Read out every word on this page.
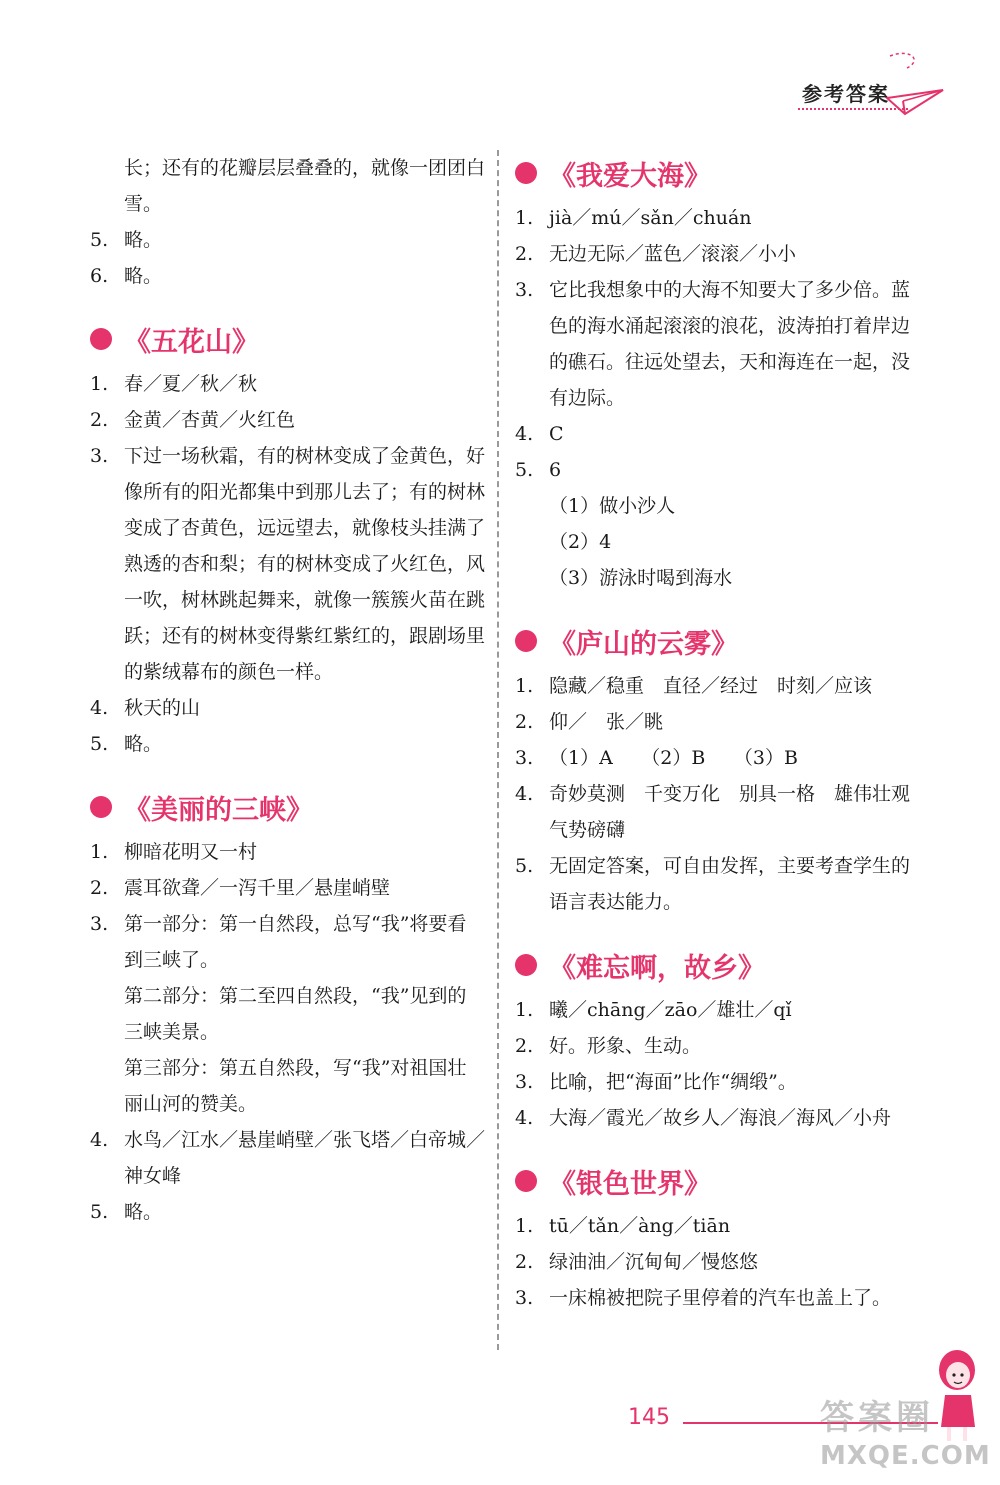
参考答案
长；还有的花瓣层层叠叠的，就像一团团白雪。
5. 略。
6. 略。
《五花山》
1. 春／夏／秋／秋
2. 金黄／杏黄／火红色
3. 下过一场秋霜，有的树林变成了金黄色，好像所有的阳光都集中到那儿去了；有的树林变成了杏黄色，远远望去，就像枝头挂满了熟透的杏和梨；有的树林变成了火红色，风一吹，树林跳起舞来，就像一簇簇火苗在跳跃；还有的树林变得紫红紫红的，跟剧场里的紫绒幕布的颜色一样。
4. 秋天的山
5. 略。
《美丽的三峡》
1. 柳暗花明又一村
2. 震耳欲聋／一泻千里／悬崖峭壁
3. 第一部分：第一自然段，总写“我”将要看到三峡了。
第二部分：第二至四自然段，“我”见到的三峡美景。
第三部分：第五自然段，写“我”对祖国壮丽山河的赞美。
4. 水鸟／江水／悬崖峭壁／张飞塔／白帝城／神女峰
5. 略。
《我爱大海》
1. jià／mú／sǎn／chuán
2. 无边无际／蓝色／滚滚／小小
3. 它比我想象中的大海不知要大了多少倍。蓝色的海水涌起滚滚的浪花，波涛拍打着岸边的礁石。往远处望去，天和海连在一起，没有边际。
4. C
5. 6
（1）做小沙人
（2）4
（3）游泳时喝到海水
《庐山的云雾》
1. 隐藏／稳重　直径／经过　时刻／应该
2. 仰／　张／眺
3. （1）A　　（2）B　　（3）B
4. 奇妙莫测　千变万化　别具一格　雄伟壮观　气势磅礴
5. 无固定答案，可自由发挥，主要考查学生的语言表达能力。
《难忘啊，故乡》
1. 曦／chāng／zāo／雄壮／qǐ
2. 好。形象、生动。
3. 比喻，把“海面”比作“绸缎”。
4. 大海／霞光／故乡人／海浪／海风／小舟
《银色世界》
1. tū／tǎn／àng／tiān
2. 绿油油／沉甸甸／慢悠悠
3. 一床棉被把院子里停着的汽车也盖上了。
145	答案圈
MXQE.COM
